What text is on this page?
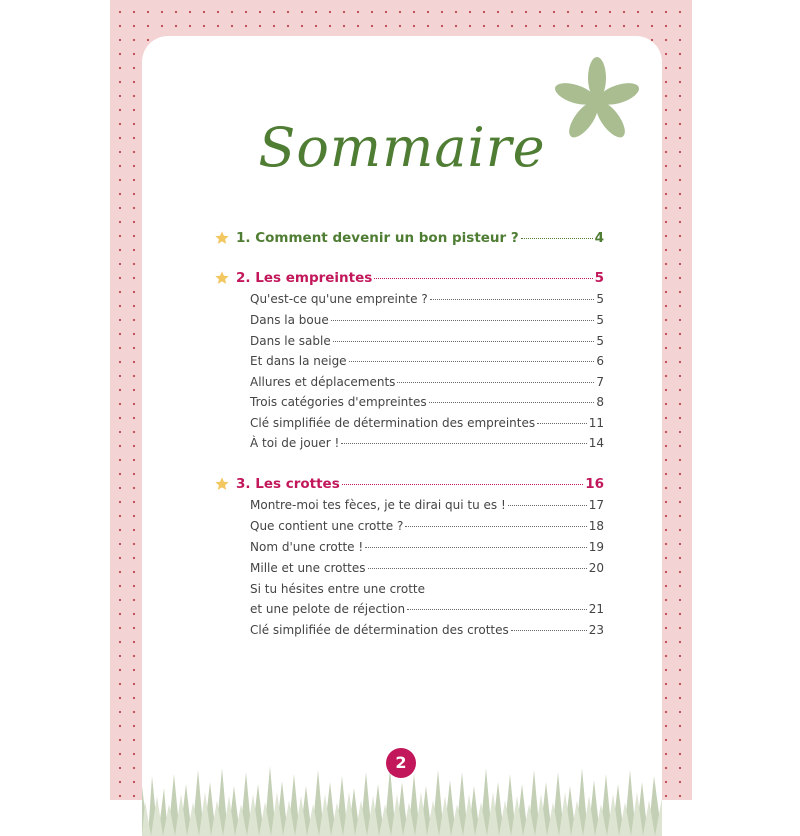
Sommaire
1. Comment devenir un bon pisteur ?	4
2. Les empreintes	5
Qu'est-ce qu'une empreinte ?	5
Dans la boue	5
Dans le sable	5
Et dans la neige	6
Allures et déplacements	7
Trois catégories d'empreintes	8
Clé simplifiée de détermination des empreintes	11
À toi de jouer !	14
3. Les crottes	16
Montre-moi tes fèces, je te dirai qui tu es !	17
Que contient une crotte ?	18
Nom d'une crotte !	19
Mille et une crottes	20
Si tu hésites entre une crotte
et une pelote de réjection	21
Clé simplifiée de détermination des crottes	23
2
